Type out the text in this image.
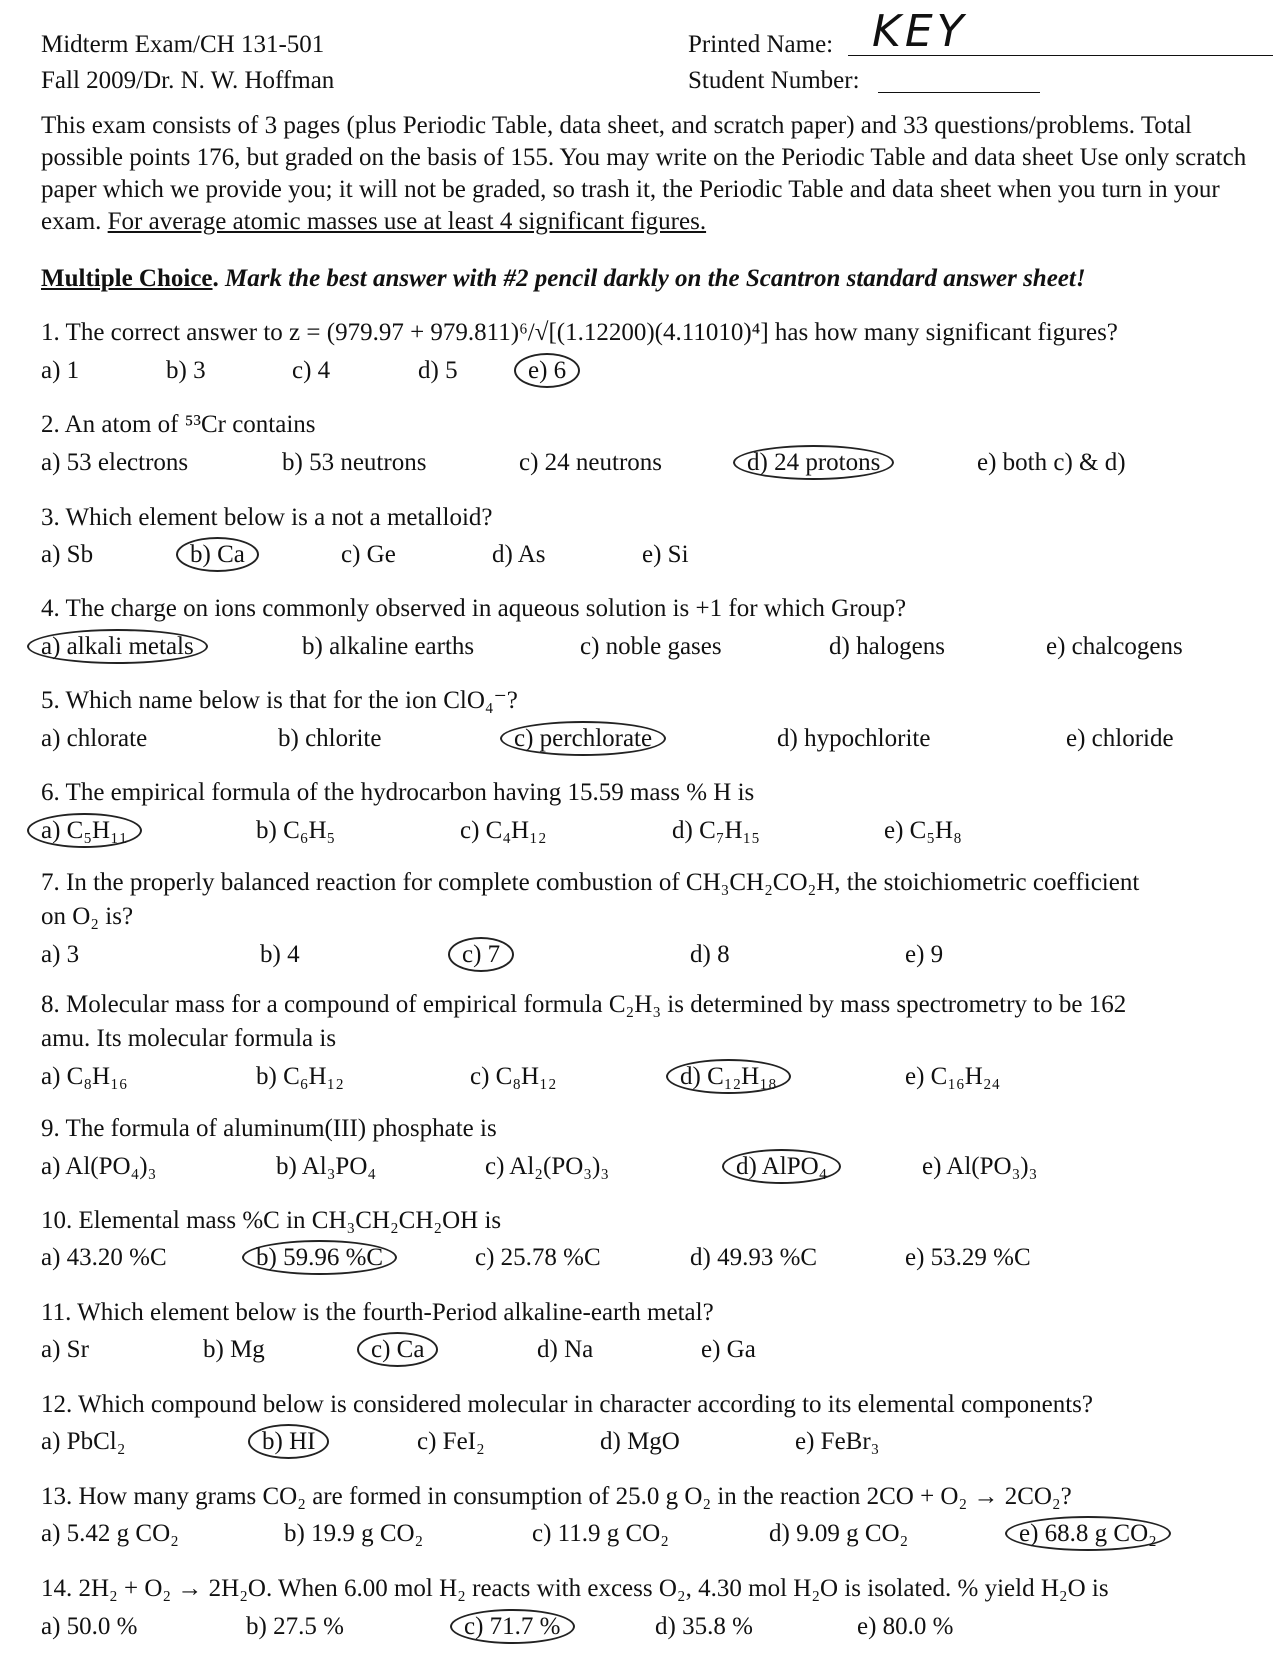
Midterm Exam/CH 131-501
Fall 2009/Dr. N. W. Hoffman
Printed Name: KEY
Student Number:

This exam consists of 3 pages (plus Periodic Table, data sheet, and scratch paper) and 33 questions/problems. Total possible points 176, but graded on the basis of 155. You may write on the Periodic Table and data sheet Use only scratch paper which we provide you; it will not be graded, so trash it, the Periodic Table and data sheet when you turn in your exam. For average atomic masses use at least 4 significant figures.

Multiple Choice. Mark the best answer with #2 pencil darkly on the Scantron standard answer sheet!
1. The correct answer to z = (979.97 + 979.811)⁶/√[(1.12200)(4.11010)⁴] has how many significant figures?
a) 1	b) 3	c) 4	d) 5	e) 6
2. An atom of ⁵³Cr contains
a) 53 electrons	b) 53 neutrons	c) 24 neutrons	d) 24 protons	e) both c) & d)
3. Which element below is a not a metalloid?
a) Sb	b) Ca	c) Ge	d) As	e) Si
4. The charge on ions commonly observed in aqueous solution is +1 for which Group?
a) alkali metals	b) alkaline earths	c) noble gases	d) halogens	e) chalcogens
5. Which name below is that for the ion ClO₄⁻?
a) chlorate	b) chlorite	c) perchlorate	d) hypochlorite	e) chloride
6. The empirical formula of the hydrocarbon having 15.59 mass % H is
a) C₅H₁₁	b) C₆H₅	c) C₄H₁₂	d) C₇H₁₅	e) C₅H₈
7. In the properly balanced reaction for complete combustion of CH₃CH₂CO₂H, the stoichiometric coefficient
on O₂ is?
a) 3	b) 4	c) 7	d) 8	e) 9
8. Molecular mass for a compound of empirical formula C₂H₃ is determined by mass spectrometry to be 162
amu. Its molecular formula is
a) C₈H₁₆	b) C₆H₁₂	c) C₈H₁₂	d) C₁₂H₁₈	e) C₁₆H₂₄
9. The formula of aluminum(III) phosphate is
a) Al(PO₄)₃	b) Al₃PO₄	c) Al₂(PO₃)₃	d) AlPO₄	e) Al(PO₃)₃
10. Elemental mass %C in CH₃CH₂CH₂OH is
a) 43.20 %C	b) 59.96 %C	c) 25.78 %C	d) 49.93 %C	e) 53.29 %C
11. Which element below is the fourth-Period alkaline-earth metal?
a) Sr	b) Mg	c) Ca	d) Na	e) Ga
12. Which compound below is considered molecular in character according to its elemental components?
a) PbCl₂	b) HI	c) FeI₂	d) MgO	e) FeBr₃
13. How many grams CO₂ are formed in consumption of 25.0 g O₂ in the reaction 2CO + O₂ → 2CO₂?
a) 5.42 g CO₂	b) 19.9 g CO₂	c) 11.9 g CO₂	d) 9.09 g CO₂	e) 68.8 g CO₂
14. 2H₂ + O₂ → 2H₂O. When 6.00 mol H₂ reacts with excess O₂, 4.30 mol H₂O is isolated. % yield H₂O is
a) 50.0 %	b) 27.5 %	c) 71.7 %	d) 35.8 %	e) 80.0 %
